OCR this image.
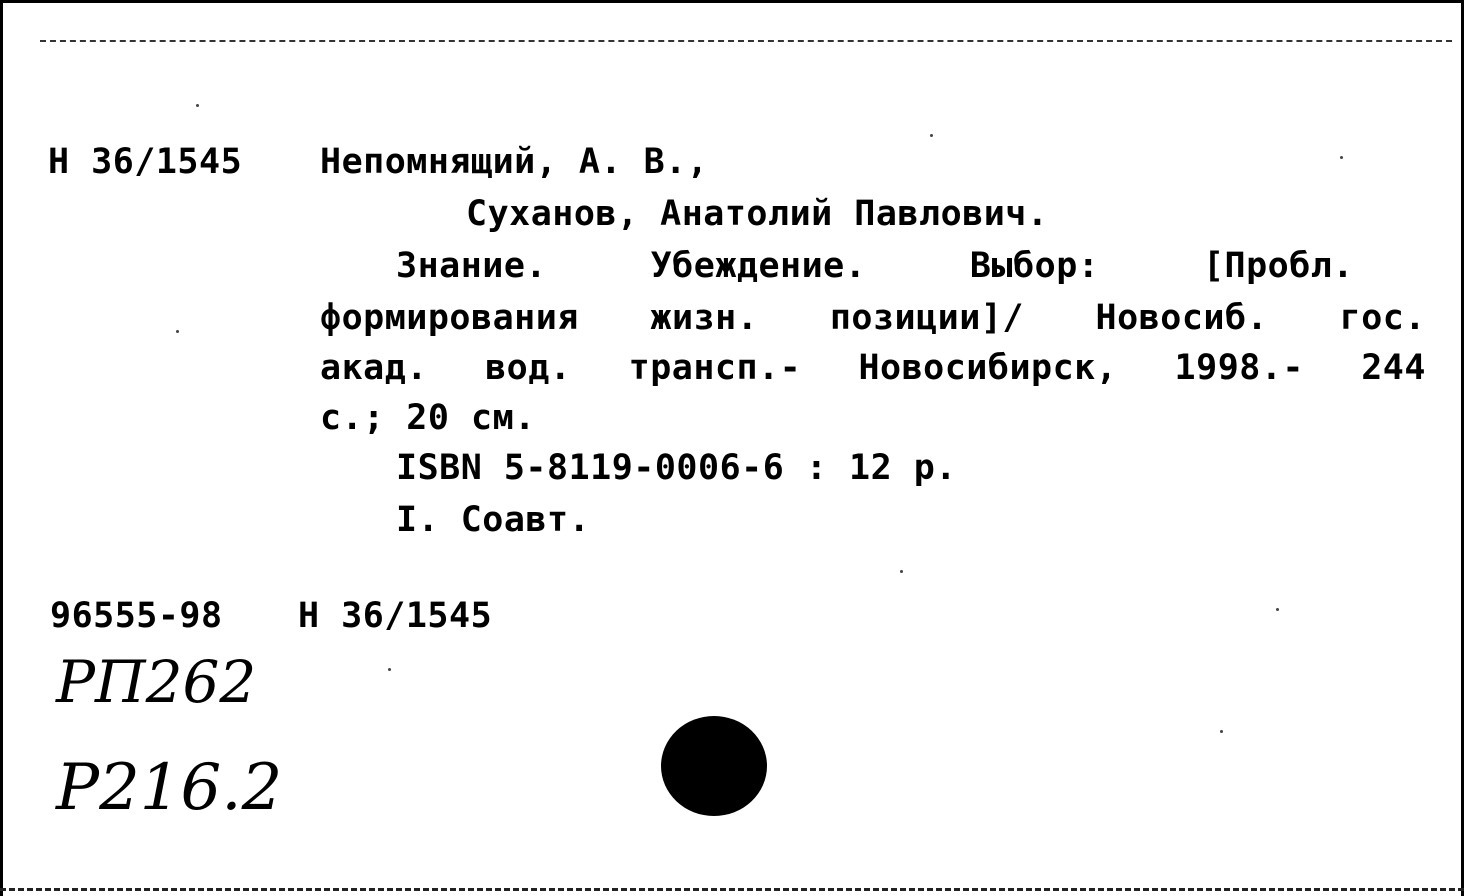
Н 36/1545 Непомнящий, А. В.,
Суханов, Анатолий Павлович.
Знание.	Убеждение.	Выбор:	[Пробл.
формирования жизн. позиции]/ Новосиб. гос.
акад. вод. трансп.- Новосибирск, 1998.- 244
с.; 20 см.
ISBN 5-8119-0006-6 : 12 р.
I. Соавт.
96555-98 Н 36/1545
РП262
Р216.2
